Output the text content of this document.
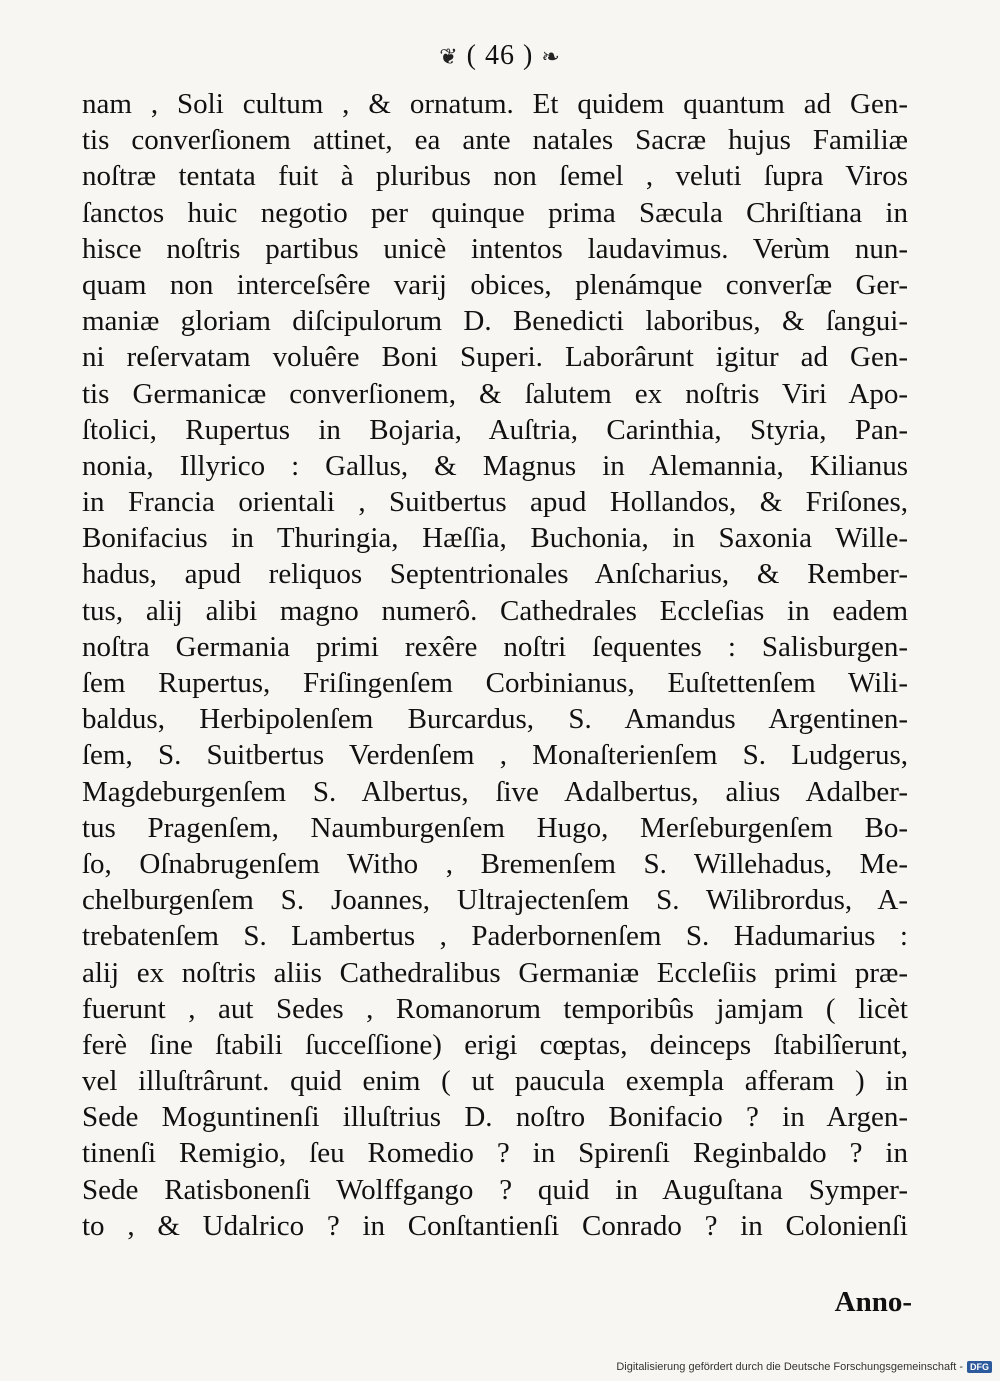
❦ ( 46 ) ❧
nam , Soli cultum , & ornatum. Et quidem quantum ad Gen-
tis converſionem attinet, ea ante natales Sacræ hujus Familiæ
noſtræ tentata fuit à pluribus non ſemel , veluti ſupra Viros
ſanctos huic negotio per quinque prima Sæcula Chriſtiana in
hisce noſtris partibus unicè intentos laudavimus. Verùm nun-
quam non interceſsêre varij obices, plenámque converſæ Ger-
maniæ gloriam diſcipulorum D. Benedicti laboribus, & ſangui-
ni reſervatam voluêre Boni Superi. Laborârunt igitur ad Gen-
tis Germanicæ converſionem, & ſalutem ex noſtris Viri Apo-
ſtolici, Rupertus in Bojaria, Auſtria, Carinthia, Styria, Pan-
nonia, Illyrico : Gallus, & Magnus in Alemannia, Kilianus
in Francia orientali , Suitbertus apud Hollandos, & Friſones,
Bonifacius in Thuringia, Hæſſia, Buchonia, in Saxonia Wille-
hadus, apud reliquos Septentrionales Anſcharius, & Rember-
tus, alij alibi magno numerô. Cathedrales Eccleſias in eadem
noſtra Germania primi rexêre noſtri ſequentes : Salisburgen-
ſem Rupertus, Friſingenſem Corbinianus, Euſtettenſem Wili-
baldus, Herbipolenſem Burcardus, S. Amandus Argentinen-
ſem, S. Suitbertus Verdenſem , Monaſterienſem S. Ludgerus,
Magdeburgenſem S. Albertus, ſive Adalbertus, alius Adalber-
tus Pragenſem, Naumburgenſem Hugo, Merſeburgenſem Bo-
ſo, Oſnabrugenſem Witho , Bremenſem S. Willehadus, Me-
chelburgenſem S. Joannes, Ultrajectenſem S. Wilibrordus, A-
trebatenſem S. Lambertus , Paderbornenſem S. Hadumarius :
alij ex noſtris aliis Cathedralibus Germaniæ Eccleſiis primi præ-
fuerunt , aut Sedes , Romanorum temporibûs jamjam ( licèt
ferè ſine ſtabili ſucceſſione) erigi cœptas, deinceps ſtabilîerunt,
vel illuſtrârunt. quid enim ( ut paucula exempla afferam ) in
Sede Moguntinenſi illuſtrius D. noſtro Bonifacio ? in Argen-
tinenſi Remigio, ſeu Romedio ? in Spirenſi Reginbaldo ? in
Sede Ratisbonenſi Wolffgango ? quid in Auguſtana Symper-
to , & Udalrico ? in Conſtantienſi Conrado ? in Colonienſi
Anno-
Digitalisierung gefördert durch die Deutsche Forschungsgemeinschaft - DFG
